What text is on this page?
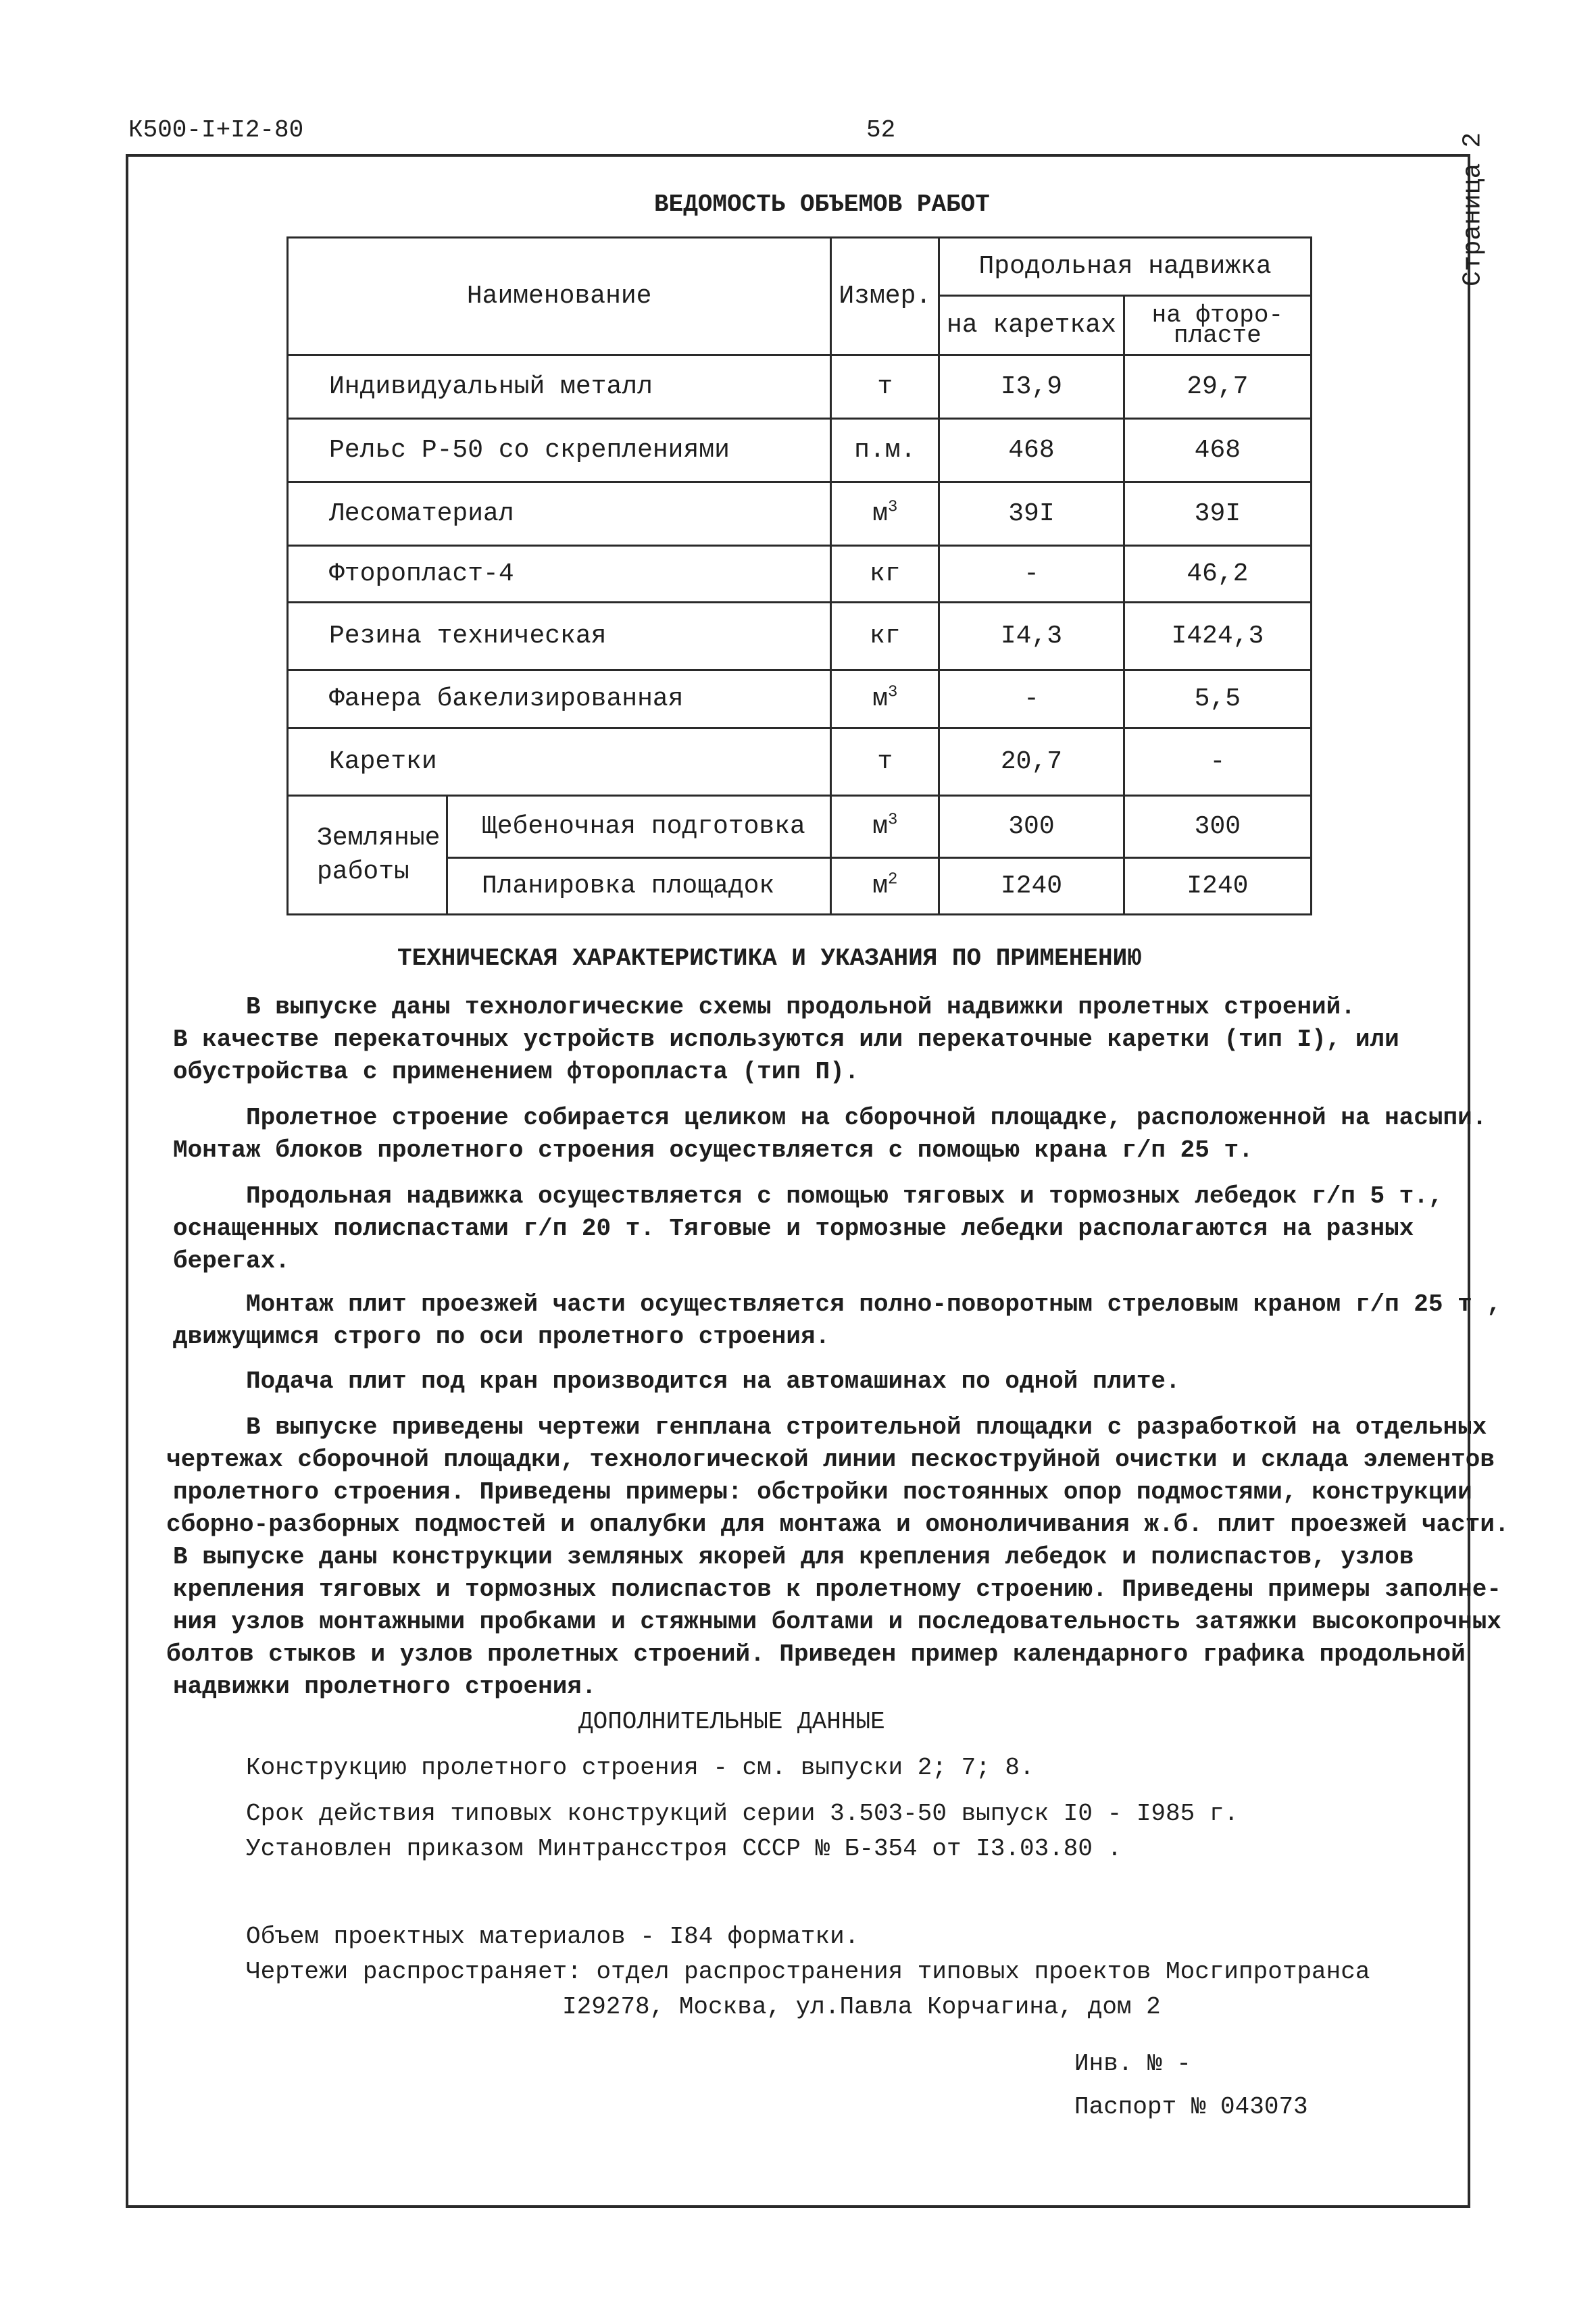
К500-I+I2-80	52
Страница 2
ВЕДОМОСТЬ ОБЪЕМОВ РАБОТ
Наименование		Измер.	Продольная надвижка	
			на каретках	на фторо-
пласте

Индивидуальный металл		т	I3,9	29,7
Рельс Р-50 со скреплениями		п.м.	468	468
Лесоматериал		$м^3$	39I	39I
Фторопласт-4		кг	-	46,2
Резина техническая		кг	I4,3	I424,3
Фанера бакелизированная		$м^3$	-	5,5
Каретки		т	20,7	-

Земляные
работы	Щебеночная подготовка	$м^3$	300	300
	Планировка площадок	$м^2$	I240	I240
ТЕХНИЧЕСКАЯ ХАРАКТЕРИСТИКА И УКАЗАНИЯ ПО ПРИМЕНЕНИЮ
В выпуске даны технологические схемы продольной надвижки пролетных строений.
В качестве перекаточных устройств используются или перекаточные каретки (тип I), или
обустройства с применением фторопласта (тип П).
Пролетное строение собирается целиком на сборочной площадке, расположенной на насыпи.
Монтаж блоков пролетного строения осуществляется с помощью крана г/п 25 т.
Продольная надвижка осуществляется с помощью тяговых и тормозных лебедок г/п 5 т.,
оснащенных полиспастами г/п 20 т. Тяговые и тормозные лебедки располагаются на разных
берегах.
Монтаж плит проезжей части осуществляется полно-поворотным стреловым краном г/п 25 т ,
движущимся строго по оси пролетного строения.
Подача плит под кран производится на автомашинах по одной плите.
В выпуске приведены чертежи генплана строительной площадки с разработкой на отдельных
чертежах сборочной площадки, технологической линии пескоструйной очистки и склада элементов
пролетного строения. Приведены примеры: обстройки постоянных опор подмостями, конструкции
сборно-разборных подмостей и опалубки для монтажа и омоноличивания ж.б. плит проезжей части.
В выпуске даны конструкции земляных якорей для крепления лебедок и полиспастов, узлов
крепления тяговых и тормозных полиспастов к пролетному строению. Приведены примеры заполне-
ния узлов монтажными пробками и стяжными болтами и последовательность затяжки высокопрочных
болтов стыков и узлов пролетных строений. Приведен пример календарного графика продольной
надвижки пролетного строения.
ДОПОЛНИТЕЛЬНЫЕ ДАННЫЕ
Конструкцию пролетного строения - см. выпуски 2; 7; 8.
Срок действия типовых конструкций серии 3.503-50 выпуск I0 - I985 г.
Установлен приказом Минтрансстроя СССР № Б-354 от I3.03.80 .
Объем проектных материалов - I84 форматки.
Чертежи распространяет: отдел распространения типовых проектов Мосгипротранса
I29278, Москва, ул.Павла Корчагина, дом 2
Инв. № -
Паспорт № 043073
